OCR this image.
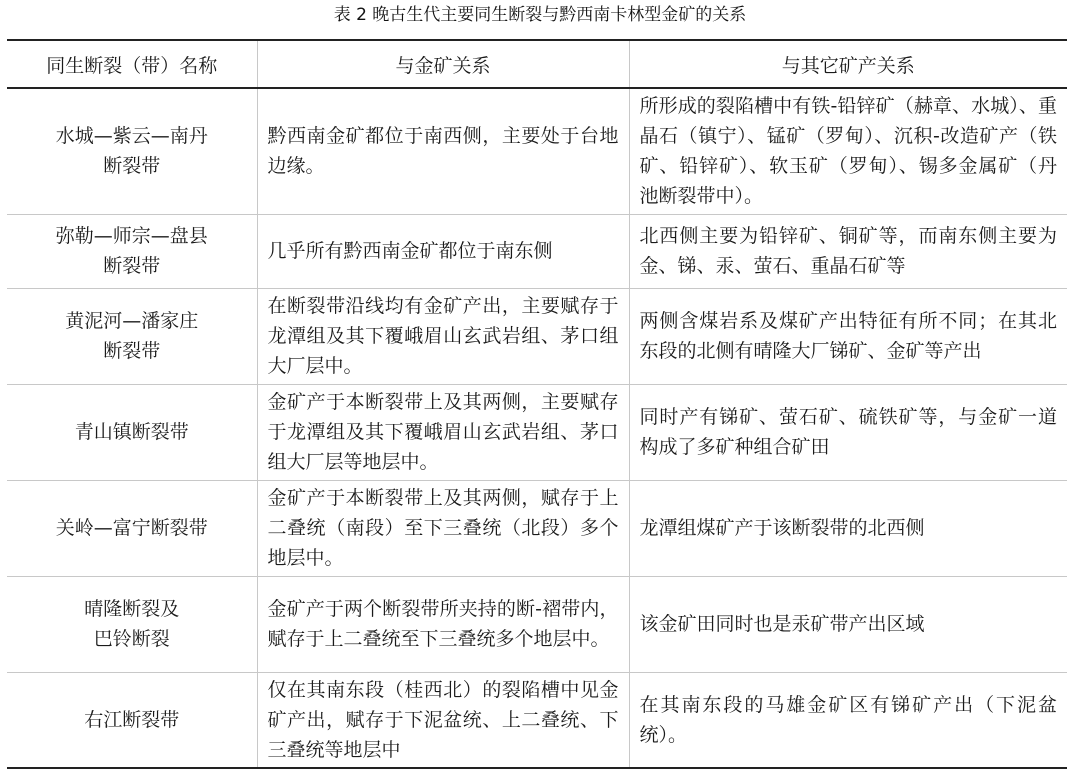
表 2 晚古生代主要同生断裂与黔西南卡林型金矿的关系
同生断裂（带）名称	与金矿关系	与其它矿产关系

水城—紫云—南丹
断裂带	黔西南金矿都位于南西侧，主要处于台地边缘。	所形成的裂陷槽中有铁-铅锌矿（赫章、水城）、重晶石（镇宁）、锰矿（罗甸）、沉积-改造矿产（铁矿、铅锌矿）、软玉矿（罗甸）、锡多金属矿（丹池断裂带中）。

弥勒—师宗—盘县
断裂带	几乎所有黔西南金矿都位于南东侧	北西侧主要为铅锌矿、铜矿等，而南东侧主要为金、锑、汞、萤石、重晶石矿等

黄泥河—潘家庄
断裂带	在断裂带沿线均有金矿产出，主要赋存于龙潭组及其下覆峨眉山玄武岩组、茅口组大厂层中。	两侧含煤岩系及煤矿产出特征有所不同；在其北东段的北侧有晴隆大厂锑矿、金矿等产出

青山镇断裂带	金矿产于本断裂带上及其两侧，主要赋存于龙潭组及其下覆峨眉山玄武岩组、茅口组大厂层等地层中。	同时产有锑矿、萤石矿、硫铁矿等，与金矿一道构成了多矿种组合矿田

关岭—富宁断裂带	金矿产于本断裂带上及其两侧，赋存于上二叠统（南段）至下三叠统（北段）多个地层中。	龙潭组煤矿产于该断裂带的北西侧

晴隆断裂及
巴铃断裂	金矿产于两个断裂带所夹持的断-褶带内，赋存于上二叠统至下三叠统多个地层中。	该金矿田同时也是汞矿带产出区域

右江断裂带	仅在其南东段（桂西北）的裂陷槽中见金矿产出，赋存于下泥盆统、上二叠统、下三叠统等地层中	在其南东段的马雄金矿区有锑矿产出（下泥盆统）。
